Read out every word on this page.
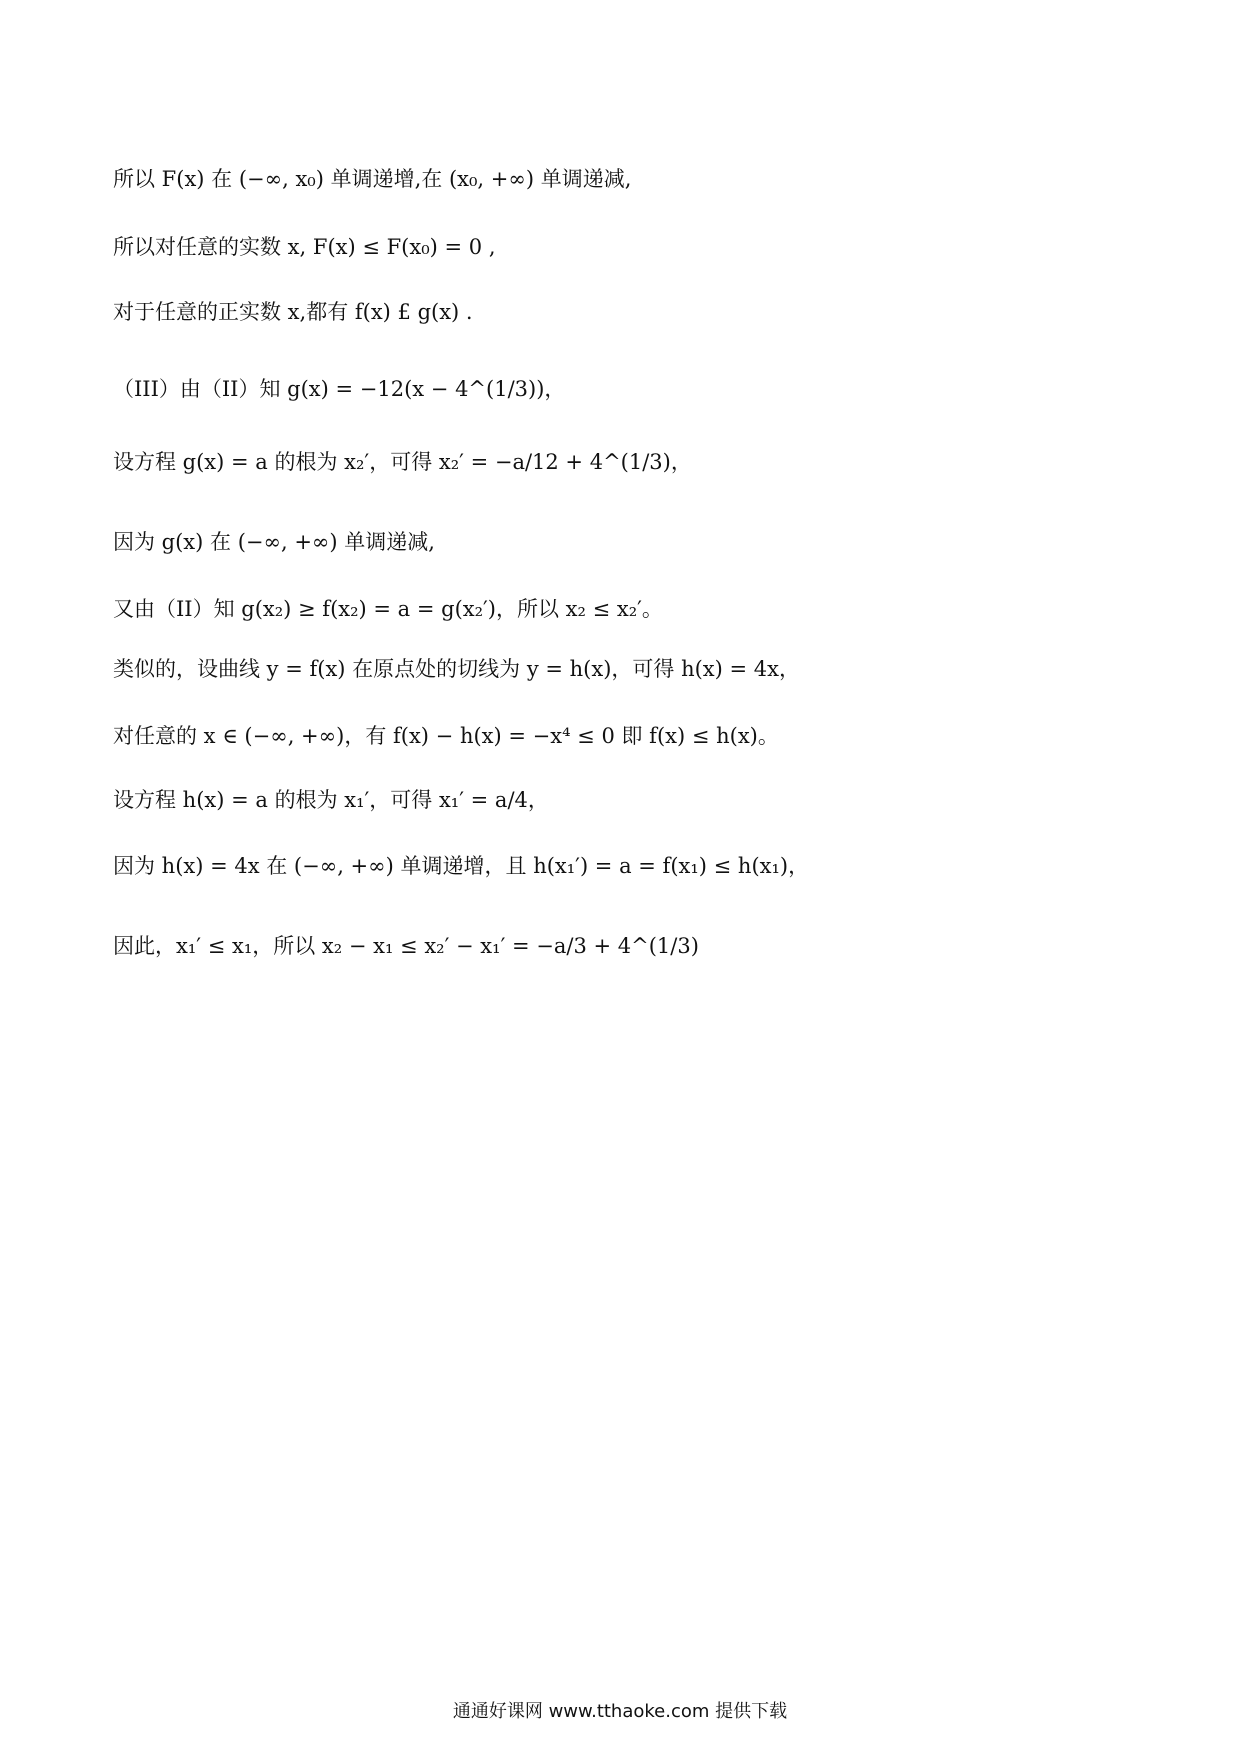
所以 F(x) 在 (−∞, x₀) 单调递增,在 (x₀, +∞) 单调递减,
所以对任意的实数 x, F(x) ≤ F(x₀) = 0 ,
对于任意的正实数 x,都有 f(x) £ g(x) .
（III）由（II）知 g(x) = −12(x − 4^(1/3))，
设方程 g(x) = a 的根为 x₂′，可得 x₂′ = −a/12 + 4^(1/3)，
因为 g(x) 在 (−∞, +∞) 单调递减,
又由（II）知 g(x₂) ≥ f(x₂) = a = g(x₂′)，所以 x₂ ≤ x₂′。
类似的，设曲线 y = f(x) 在原点处的切线为 y = h(x)，可得 h(x) = 4x，
对任意的 x ∈ (−∞, +∞)，有 f(x) − h(x) = −x⁴ ≤ 0 即 f(x) ≤ h(x)。
设方程 h(x) = a 的根为 x₁′，可得 x₁′ = a/4，
因为 h(x) = 4x 在 (−∞, +∞) 单调递增，且 h(x₁′) = a = f(x₁) ≤ h(x₁)，
因此，x₁′ ≤ x₁，所以 x₂ − x₁ ≤ x₂′ − x₁′ = −a/3 + 4^(1/3)
通通好课网 www.tthaoke.com 提供下载
